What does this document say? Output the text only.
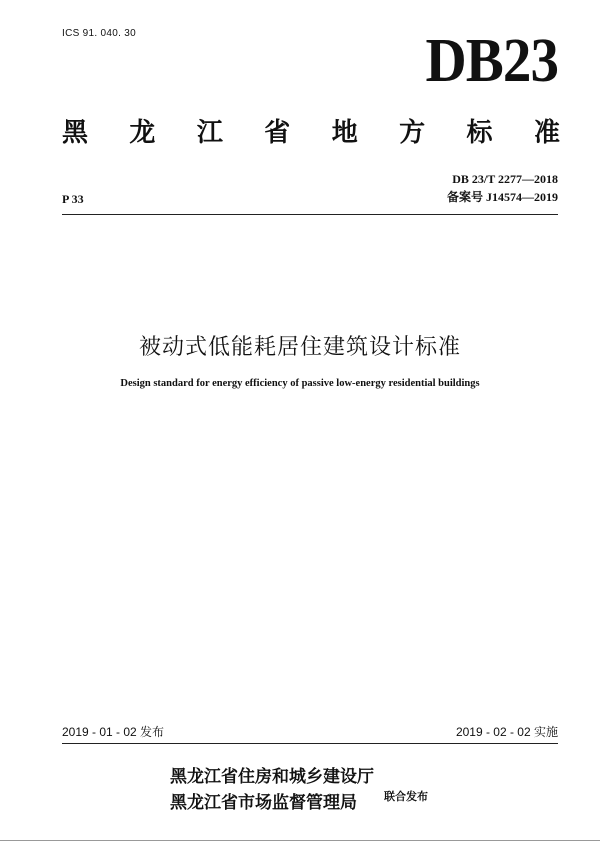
ICS 91. 040. 30	DB23
黑 龙 江 省 地 方 标 准
DB 23/T 2277—2018
备案号 J14574—2019
P 33
被动式低能耗居住建筑设计标准
Design standard for energy efficiency of passive low-energy residential buildings
2019 - 01 - 02 发布	2019 - 02 - 02 实施
黑龙江省住房和城乡建设厅
黑龙江省市场监督管理局	联合发布
